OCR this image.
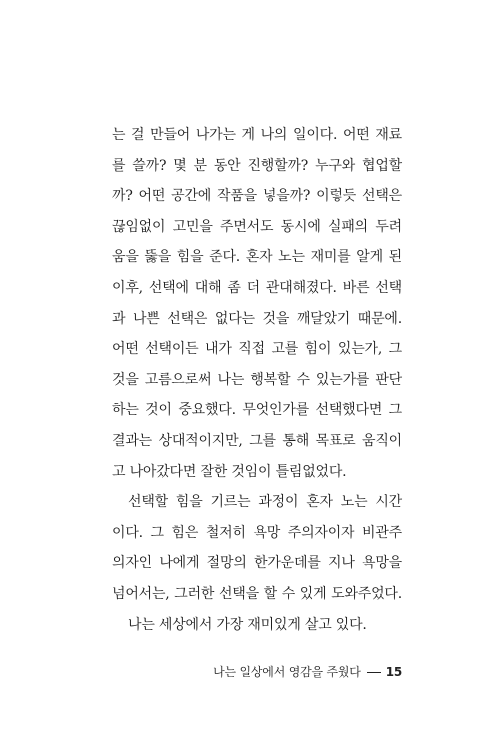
는 걸 만들어 나가는 게 나의 일이다. 어떤 재료
를 쓸까? 몇 분 동안 진행할까? 누구와 협업할
까? 어떤 공간에 작품을 넣을까? 이렇듯 선택은
끊임없이 고민을 주면서도 동시에 실패의 두려
움을 뚫을 힘을 준다. 혼자 노는 재미를 알게 된
이후, 선택에 대해 좀 더 관대해졌다. 바른 선택
과 나쁜 선택은 없다는 것을 깨달았기 때문에.
어떤 선택이든 내가 직접 고를 힘이 있는가, 그
것을 고름으로써 나는 행복할 수 있는가를 판단
하는 것이 중요했다. 무엇인가를 선택했다면 그
결과는 상대적이지만, 그를 통해 목표로 움직이
고 나아갔다면 잘한 것임이 틀림없었다.
선택할 힘을 기르는 과정이 혼자 노는 시간
이다. 그 힘은 철저히 욕망 주의자이자 비관주
의자인 나에게 절망의 한가운데를 지나 욕망을
넘어서는, 그러한 선택을 할 수 있게 도와주었다.
나는 세상에서 가장 재미있게 살고 있다.
나는 일상에서 영감을 주웠다 15
